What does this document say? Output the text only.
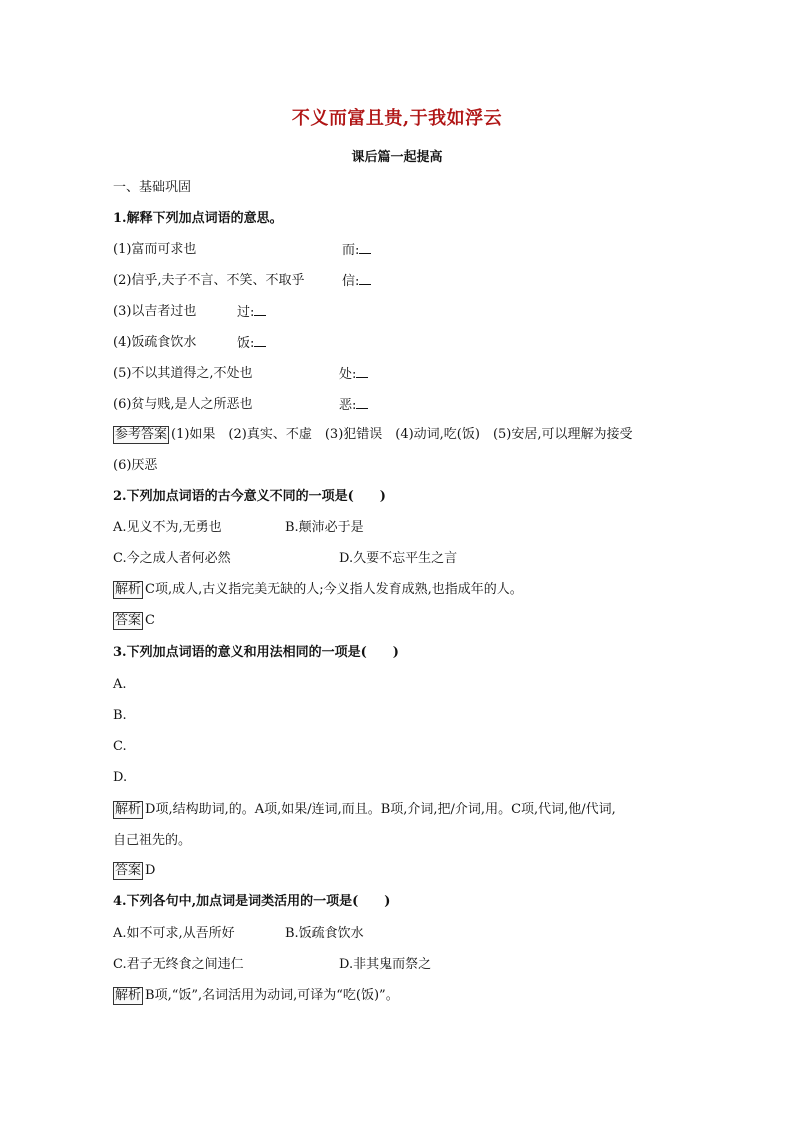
不义而富且贵,于我如浮云
课后篇一起提高
一、基础巩固
1.解释下列加点词语的意思。
(1)富而可求也	而:
(2)信乎,夫子不言、不笑、不取乎	信:
(3)以吉者过也	过:
(4)饭疏食饮水	饭:
(5)不以其道得之,不处也	处:
(6)贫与贱,是人之所恶也	恶:
参考答案 (1)如果　(2)真实、不虚　(3)犯错误　(4)动词,吃(饭)　(5)安居,可以理解为接受
(6)厌恶
2.下列加点词语的古今意义不同的一项是(　　)
A.见义不为,无勇也	B.颠沛必于是
C.今之成人者何必然	D.久要不忘平生之言
解析 C项,成人,古义指完美无缺的人;今义指人发育成熟,也指成年的人。
答案 C
3.下列加点词语的意义和用法相同的一项是(　　)
A.
B.
C.
D.
解析 D项,结构助词,的。A项,如果/连词,而且。B项,介词,把/介词,用。C项,代词,他/代词,
自己祖先的。
答案 D
4.下列各句中,加点词是词类活用的一项是(　　)
A.如不可求,从吾所好	B.饭疏食饮水
C.君子无终食之间违仁	D.非其鬼而祭之
解析 B项,“饭”,名词活用为动词,可译为“吃(饭)”。
